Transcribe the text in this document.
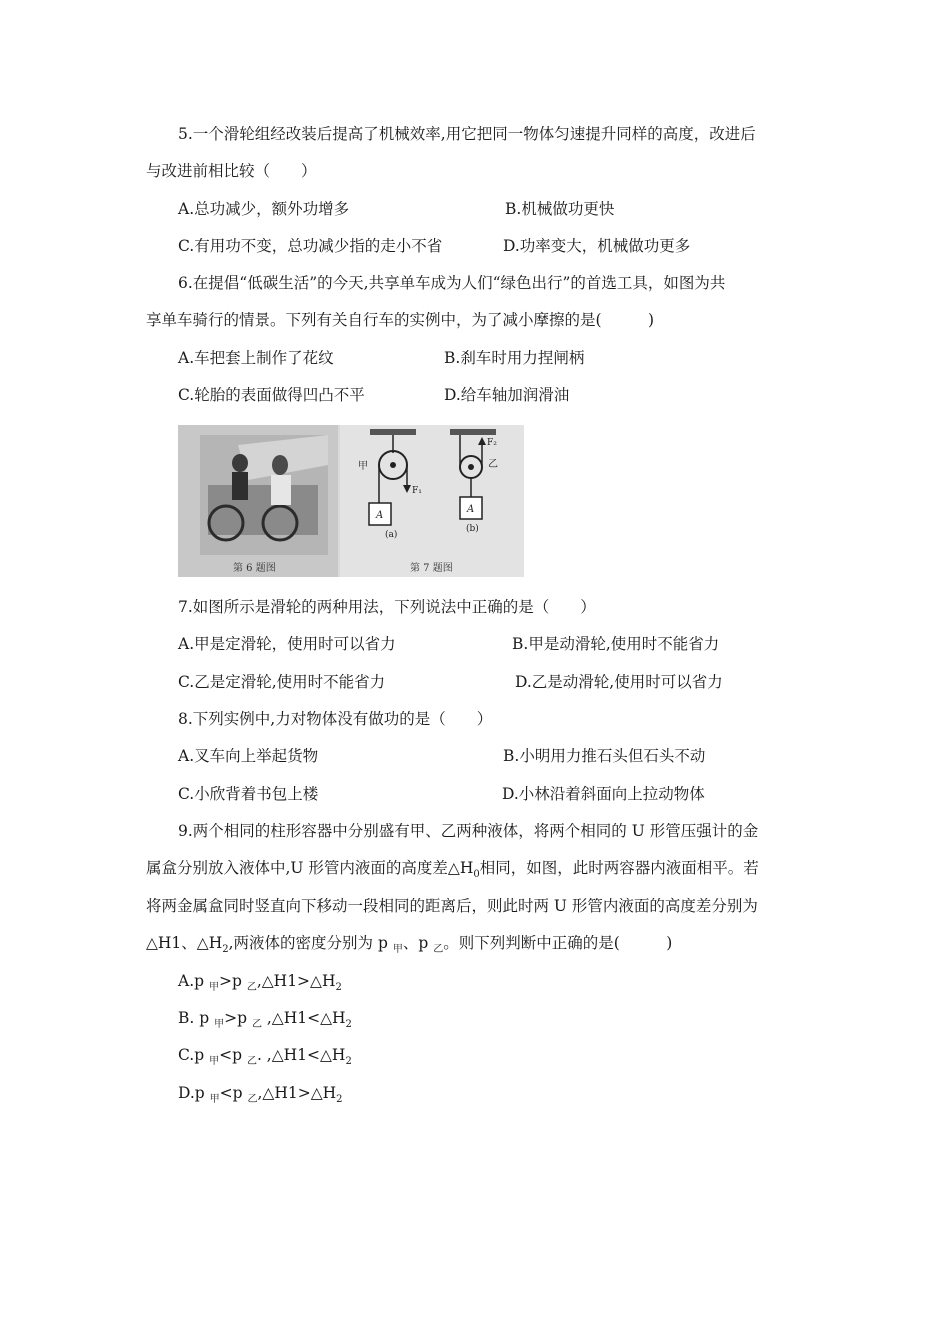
5.一个滑轮组经改装后提高了机械效率,用它把同一物体匀速提升同样的高度，改进后
与改进前相比较（　　）
A.总功减少，额外功增多	B.机械做功更快
C.有用功不变，总功减少指的走小不省	D.功率变大，机械做功更多
6.在提倡“低碳生活”的今天,共享单车成为人们“绿色出行”的首选工具，如图为共
享单车骑行的情景。下列有关自行车的实例中，为了减小摩擦的是(　　　)
A.车把套上制作了花纹	B.刹车时用力捏闸柄
C.轮胎的表面做得凹凸不平	D.给车轴加润滑油
第 6 题图
A
甲
F₁
(a)
A
乙
F₂
(b)
第 7 题图
7.如图所示是滑轮的两种用法，下列说法中正确的是（　　）
A.甲是定滑轮，使用时可以省力	B.甲是动滑轮,使用时不能省力
C.乙是定滑轮,使用时不能省力	D.乙是动滑轮,使用时可以省力
8.下列实例中,力对物体没有做功的是（　　）
A.叉车向上举起货物	B.小明用力推石头但石头不动
C.小欣背着书包上楼	D.小林沿着斜面向上拉动物体
9.两个相同的柱形容器中分别盛有甲、乙两种液体，将两个相同的 U 形管压强计的金
属盒分别放入液体中,U 形管内液面的高度差$\triangle H_0$相同，如图，此时两容器内液面相平。若
将两金属盒同时竖直向下移动一段相同的距离后，则此时两 U 形管内液面的高度差分别为
△H1、$\triangle H_2$,两液体的密度分别为 p $_甲$、p $_乙$。则下列判断中正确的是(　　　)
A.p $_甲$>p $_乙,\triangle H1>\triangle H_2$
B. p $_甲$>p $_乙$ $,\triangle H1<\triangle H_2$
C.p $_甲$<p $_乙$. $,\triangle H1<\triangle H_2$
D.p $_甲$<p $_乙,\triangle H1>\triangle H_2$
